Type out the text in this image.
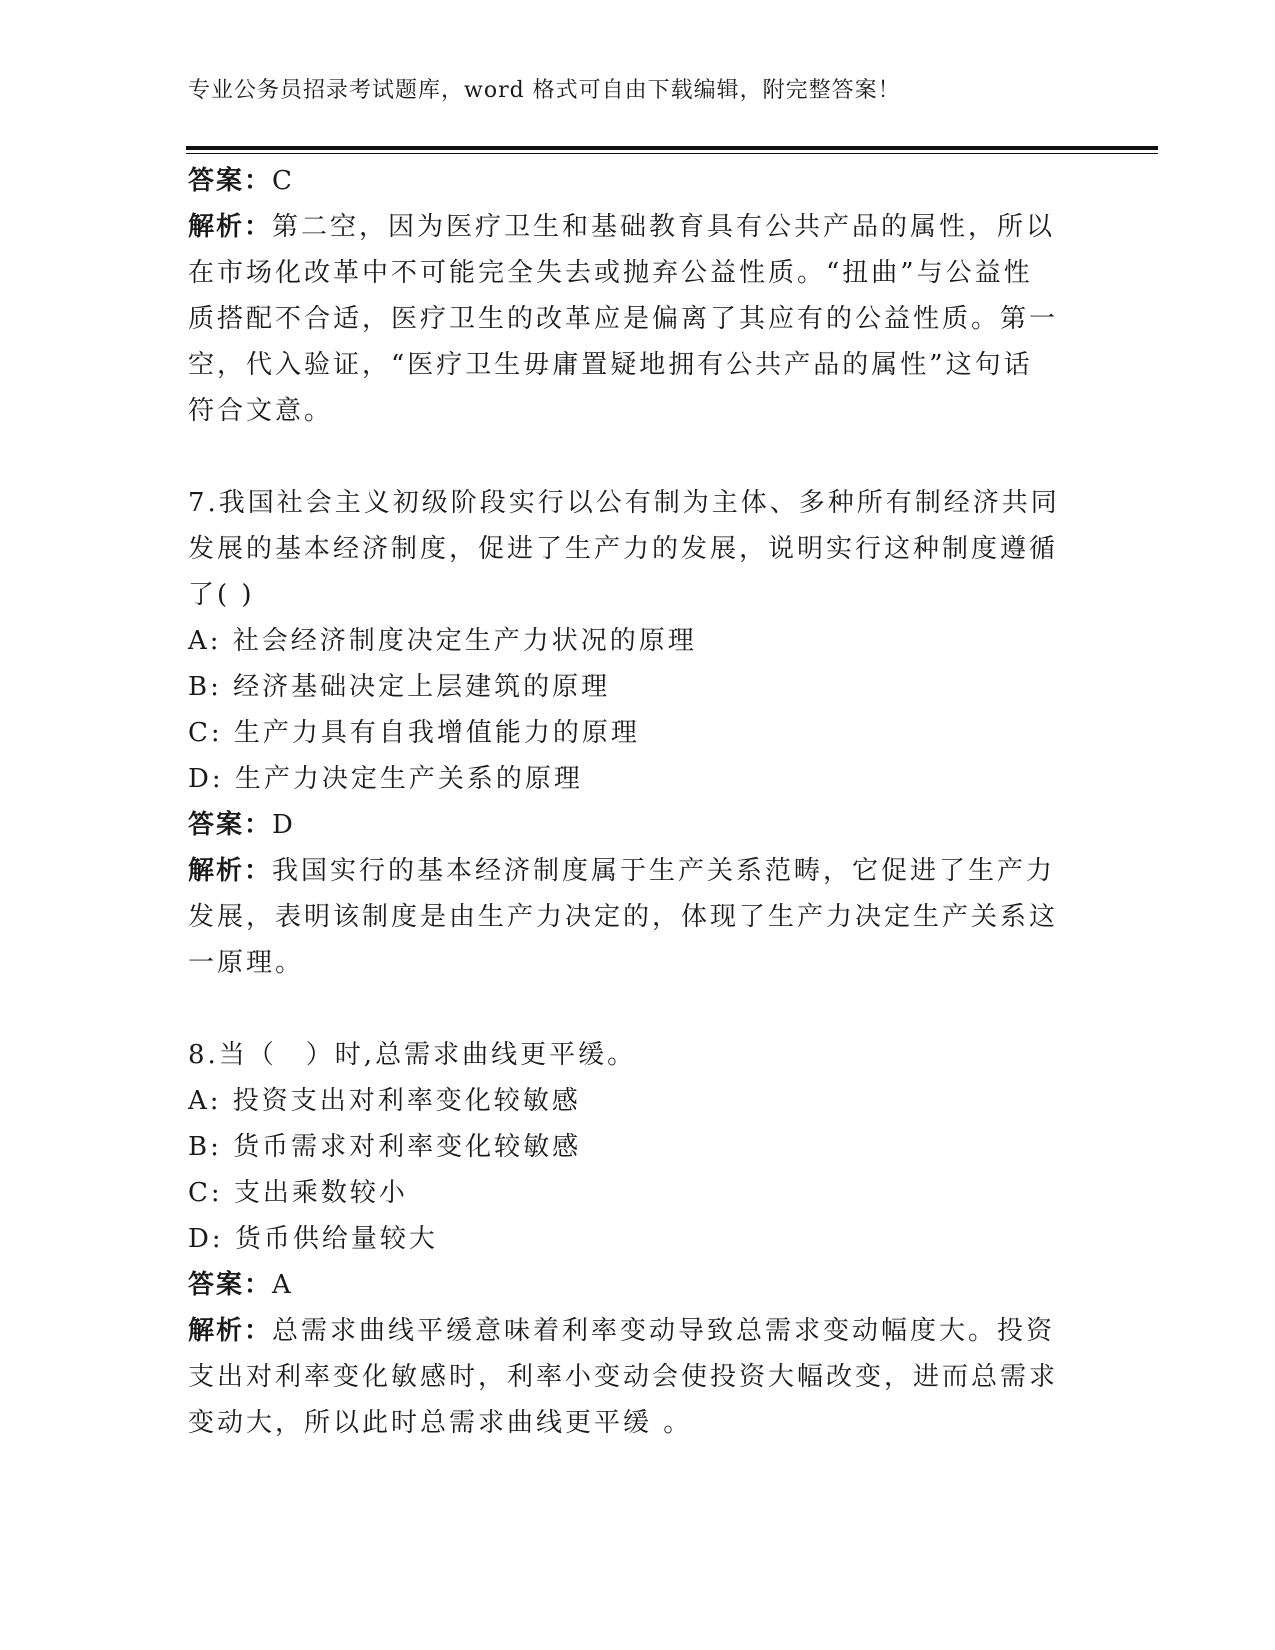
专业公务员招录考试题库，word 格式可自由下载编辑，附完整答案！
答案：C
解析：第二空，因为医疗卫生和基础教育具有公共产品的属性，所以
在市场化改革中不可能完全失去或抛弃公益性质。“扭曲”与公益性
质搭配不合适，医疗卫生的改革应是偏离了其应有的公益性质。第一
空，代入验证，“医疗卫生毋庸置疑地拥有公共产品的属性”这句话
符合文意。
7.我国社会主义初级阶段实行以公有制为主体、多种所有制经济共同
发展的基本经济制度，促进了生产力的发展，说明实行这种制度遵循
了( )
A: 社会经济制度决定生产力状况的原理
B: 经济基础决定上层建筑的原理
C: 生产力具有自我增值能力的原理
D: 生产力决定生产关系的原理
答案：D
解析：我国实行的基本经济制度属于生产关系范畴，它促进了生产力
发展，表明该制度是由生产力决定的，体现了生产力决定生产关系这
一原理。
8.当（　）时,总需求曲线更平缓。
A: 投资支出对利率变化较敏感
B: 货币需求对利率变化较敏感
C: 支出乘数较小
D: 货币供给量较大
答案：A
解析：总需求曲线平缓意味着利率变动导致总需求变动幅度大。投资
支出对利率变化敏感时，利率小变动会使投资大幅改变，进而总需求
变动大，所以此时总需求曲线更平缓 。
